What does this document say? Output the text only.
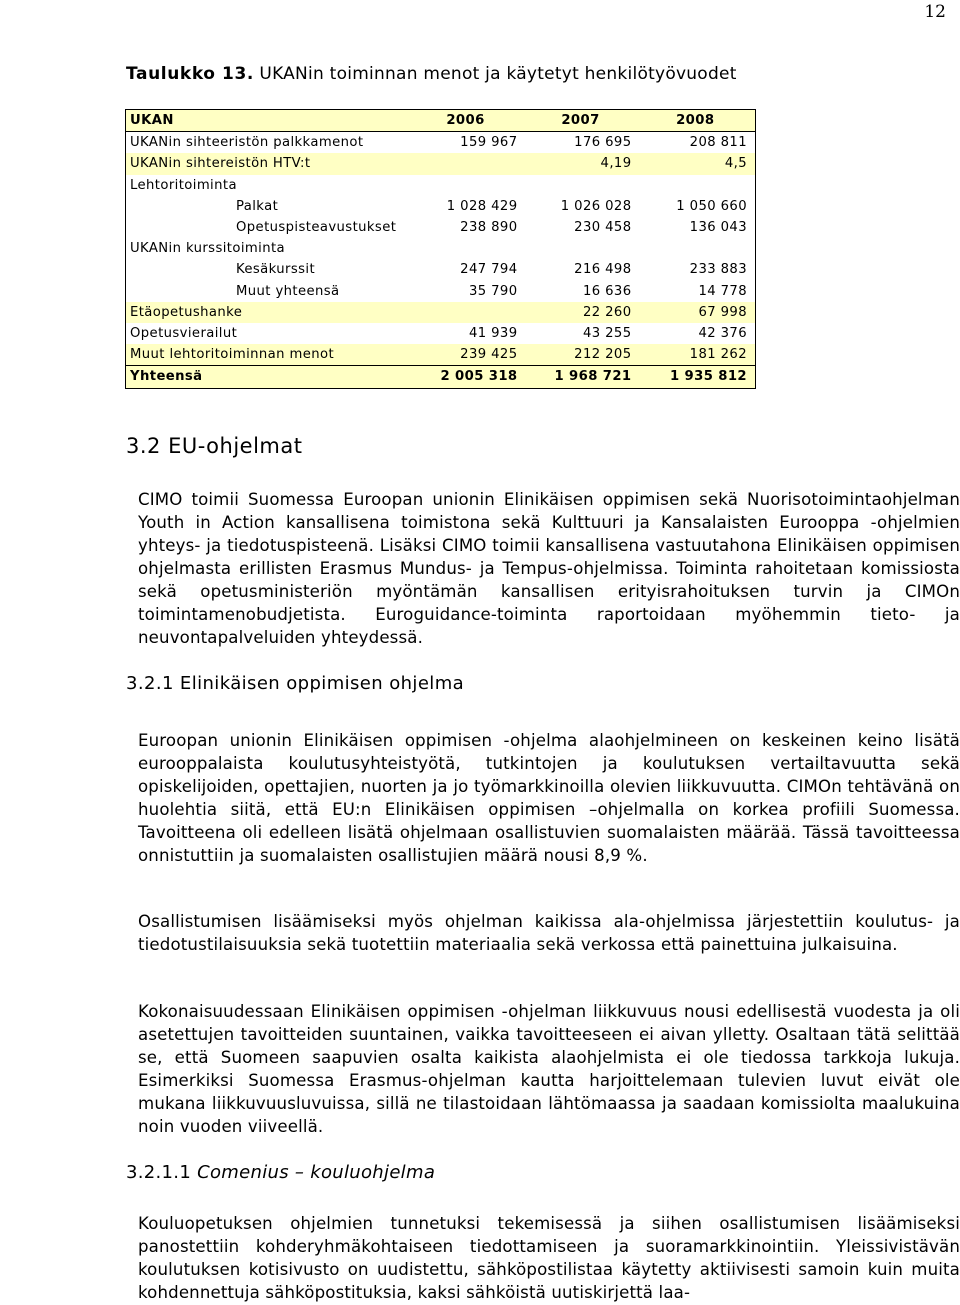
12
Taulukko 13. UKANin toiminnan menot ja käytetyt henkilötyövuodet
UKAN	2006	2007	2008
UKANin sihteeristön palkkamenot	159 967	176 695	208 811
UKANin sihtereistön HTV:t		4,19	4,5
Lehtoritoiminta			
Palkat	1 028 429	1 026 028	1 050 660
Opetuspisteavustukset	238 890	230 458	136 043
UKANin kurssitoiminta			
Kesäkurssit	247 794	216 498	233 883
Muut yhteensä	35 790	16 636	14 778
Etäopetushanke		22 260	67 998
Opetusvierailut	41 939	43 255	42 376
Muut lehtoritoiminnan menot	239 425	212 205	181 262
Yhteensä	2 005 318	1 968 721	1 935 812
3.2 EU-ohjelmat
CIMO toimii Suomessa Euroopan unionin Elinikäisen oppimisen sekä Nuorisotoimintaohjelman Youth in Action kansallisena toimistona sekä Kulttuuri ja Kansalaisten Eurooppa -ohjelmien yhteys- ja tiedotuspisteenä. Lisäksi CIMO toimii kansallisena vastuutahona Elinikäisen oppimisen ohjelmasta erillisten Erasmus Mundus- ja Tempus-ohjelmissa. Toiminta rahoitetaan komissiosta sekä opetusministeriön myöntämän kansallisen erityisrahoituksen turvin ja CIMOn toimintamenobudjetista. Euroguidance-toiminta raportoidaan myöhemmin tieto- ja neuvontapalveluiden yhteydessä.
3.2.1 Elinikäisen oppimisen ohjelma
Euroopan unionin Elinikäisen oppimisen -ohjelma alaohjelmineen on keskeinen keino lisätä eurooppalaista koulutusyhteistyötä, tutkintojen ja koulutuksen vertailtavuutta sekä opiskelijoiden, opettajien, nuorten ja jo työmarkkinoilla olevien liikkuvuutta. CIMOn tehtävänä on huolehtia siitä, että EU:n Elinikäisen oppimisen –ohjelmalla on korkea profiili Suomessa. Tavoitteena oli edelleen lisätä ohjelmaan osallistuvien suomalaisten määrää. Tässä tavoitteessa onnistuttiin ja suomalaisten osallistujien määrä nousi 8,9 %.
Osallistumisen lisäämiseksi myös ohjelman kaikissa ala-ohjelmissa järjestettiin koulutus- ja tiedotustilaisuuksia sekä tuotettiin materiaalia sekä verkossa että painettuina julkaisuina.
Kokonaisuudessaan Elinikäisen oppimisen -ohjelman liikkuvuus nousi edellisestä vuodesta ja oli asetettujen tavoitteiden suuntainen, vaikka tavoitteeseen ei aivan ylletty. Osaltaan tätä selittää se, että Suomeen saapuvien osalta kaikista alaohjelmista ei ole tiedossa tarkkoja lukuja. Esimerkiksi Suomessa Erasmus-ohjelman kautta harjoittelemaan tulevien luvut eivät ole mukana liikkuvuusluvuissa, sillä ne tilastoidaan lähtömaassa ja saadaan komissiolta maalukuina noin vuoden viiveellä.
3.2.1.1 Comenius – kouluohjelma
Kouluopetuksen ohjelmien tunnetuksi tekemisessä ja siihen osallistumisen lisäämiseksi panostettiin kohderyhmäkohtaiseen tiedottamiseen ja suoramarkkinointiin. Yleissivistävän koulutuksen kotisivusto on uudistettu, sähköpostilistaa käytetty aktiivisesti samoin kuin muita kohdennettuja sähköpostituksia, kaksi sähköistä uutiskirjettä laa-
